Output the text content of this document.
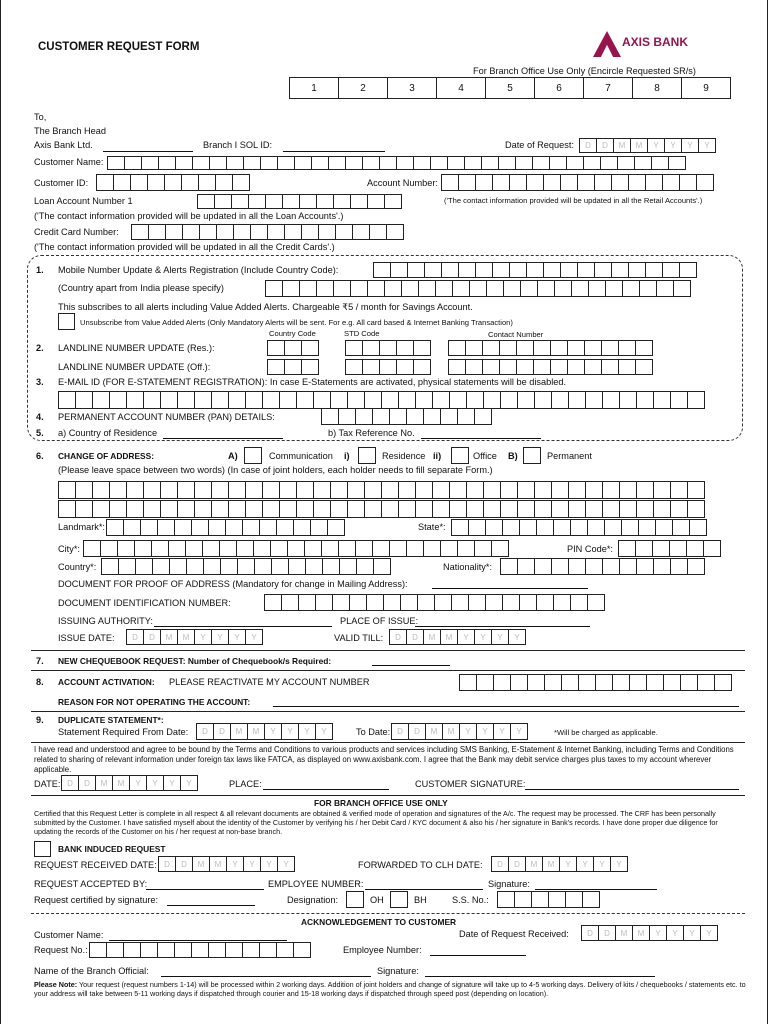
CUSTOMER REQUEST FORM	AXIS BANK
For Branch Office Use Only (Encircle Requested SR/s)
1	2	3	4	5	6	7	8	9
To,
The Branch Head
Axis Bank Ltd.	Branch I SOL ID:	Date of Request:	D	D	M	M	Y	Y	Y	Y
Customer Name:
Customer ID:	Account Number:
Loan Account Number 1	('The contact information provided will be updated in all the Retail Accounts'.)
('The contact information provided will be updated in all the Loan Accounts'.)
Credit Card Number:
('The contact information provided will be updated in all the Credit Cards'.)
1. Mobile Number Update & Alerts Registration (Include Country Code):
(Country apart from India please specify)
This subscribes to all alerts including Value Added Alerts. Chargeable ₹5 / month for Savings Account.
Unsubscribe from Value Added Alerts (Only Mandatory Alerts will be sent. For e.g. All card based & Internet Banking Transaction)
Country Code	STD Code	Contact Number
2. LANDLINE NUMBER UPDATE (Res.):
LANDLINE NUMBER UPDATE (Off.):
3. E-MAIL ID (FOR E-STATEMENT REGISTRATION): In case E-Statements are activated, physical statements will be disabled.
4. PERMANENT ACCOUNT NUMBER (PAN) DETAILS:
5. a) Country of Residence	b) Tax Reference No.
6. CHANGE OF ADDRESS:	A)	Communication i)	Residence ii)	Office B)	Permanent
(Please leave space between two words) (In case of joint holders, each holder needs to fill separate Form.)
Landmark*:	State*:
City*:	PIN Code*:
Country*:	Nationality*:
DOCUMENT FOR PROOF OF ADDRESS (Mandatory for change in Mailing Address):
DOCUMENT IDENTIFICATION NUMBER:
ISSUING AUTHORITY:	PLACE OF ISSUE:
ISSUE DATE:	D	D	M	M	Y	Y	Y	Y	VALID TILL:	D	D	M	M	Y	Y	Y	Y
7. NEW CHEQUEBOOK REQUEST: Number of Chequebook/s Required:
8. ACCOUNT ACTIVATION: PLEASE REACTIVATE MY ACCOUNT NUMBER
REASON FOR NOT OPERATING THE ACCOUNT:
9. DUPLICATE STATEMENT*:
Statement Required From Date:	D	D	M	M	Y	Y	Y	Y	To Date: D	D	M	M	Y	Y	Y	Y	*Will be charged as applicable.
I have read and understood and agree to be bound by the Terms and Conditions to various products and services including SMS Banking, E-Statement & Internet Banking, including Terms and Conditions related to sharing of relevant information under foreign tax laws like FATCA, as displayed on www.axisbank.com. I agree that the Bank may debit service charges plus taxes to my account wherever applicable.
DATE: D	D	M	M	Y	Y	Y	Y	PLACE:	CUSTOMER SIGNATURE:
FOR BRANCH OFFICE USE ONLY
Certified that this Request Letter is complete in all respect & all relevant documents are obtained & verified mode of operation and signatures of the A/c. The request may be processed. The CRF has been personally submitted by the Customer. I have satisfied myself about the identity of the Customer by verifying his / her Debit Card / KYC document & also his / her signature in Bank's records. I have done proper due diligence for updating the records of the Customer on his / her request at non-base branch.
BANK INDUCED REQUEST
REQUEST RECEIVED DATE: D	D	M	M	Y	Y	Y	Y	FORWARDED TO CLH DATE:	D	D	M	M	Y	Y	Y	Y
REQUEST ACCEPTED BY:	EMPLOYEE NUMBER:	Signature:
Request certified by signature:	Designation:	OH	BH	S.S. No.:
ACKNOWLEDGEMENT TO CUSTOMER
Customer Name:	Date of Request Received:	D	D	M	M	Y	Y	Y	Y
Request No.:	Employee Number:
Name of the Branch Official:	Signature:
Please Note: Your request (request numbers 1-14) will be processed within 2 working days. Addition of joint holders and change of signature will take up to 4-5 working days. Delivery of kits / chequebooks / statements etc. to your address will take between 5-11 working days if dispatched through courier and 15-18 working days if dispatched through speed post (depending on location).
